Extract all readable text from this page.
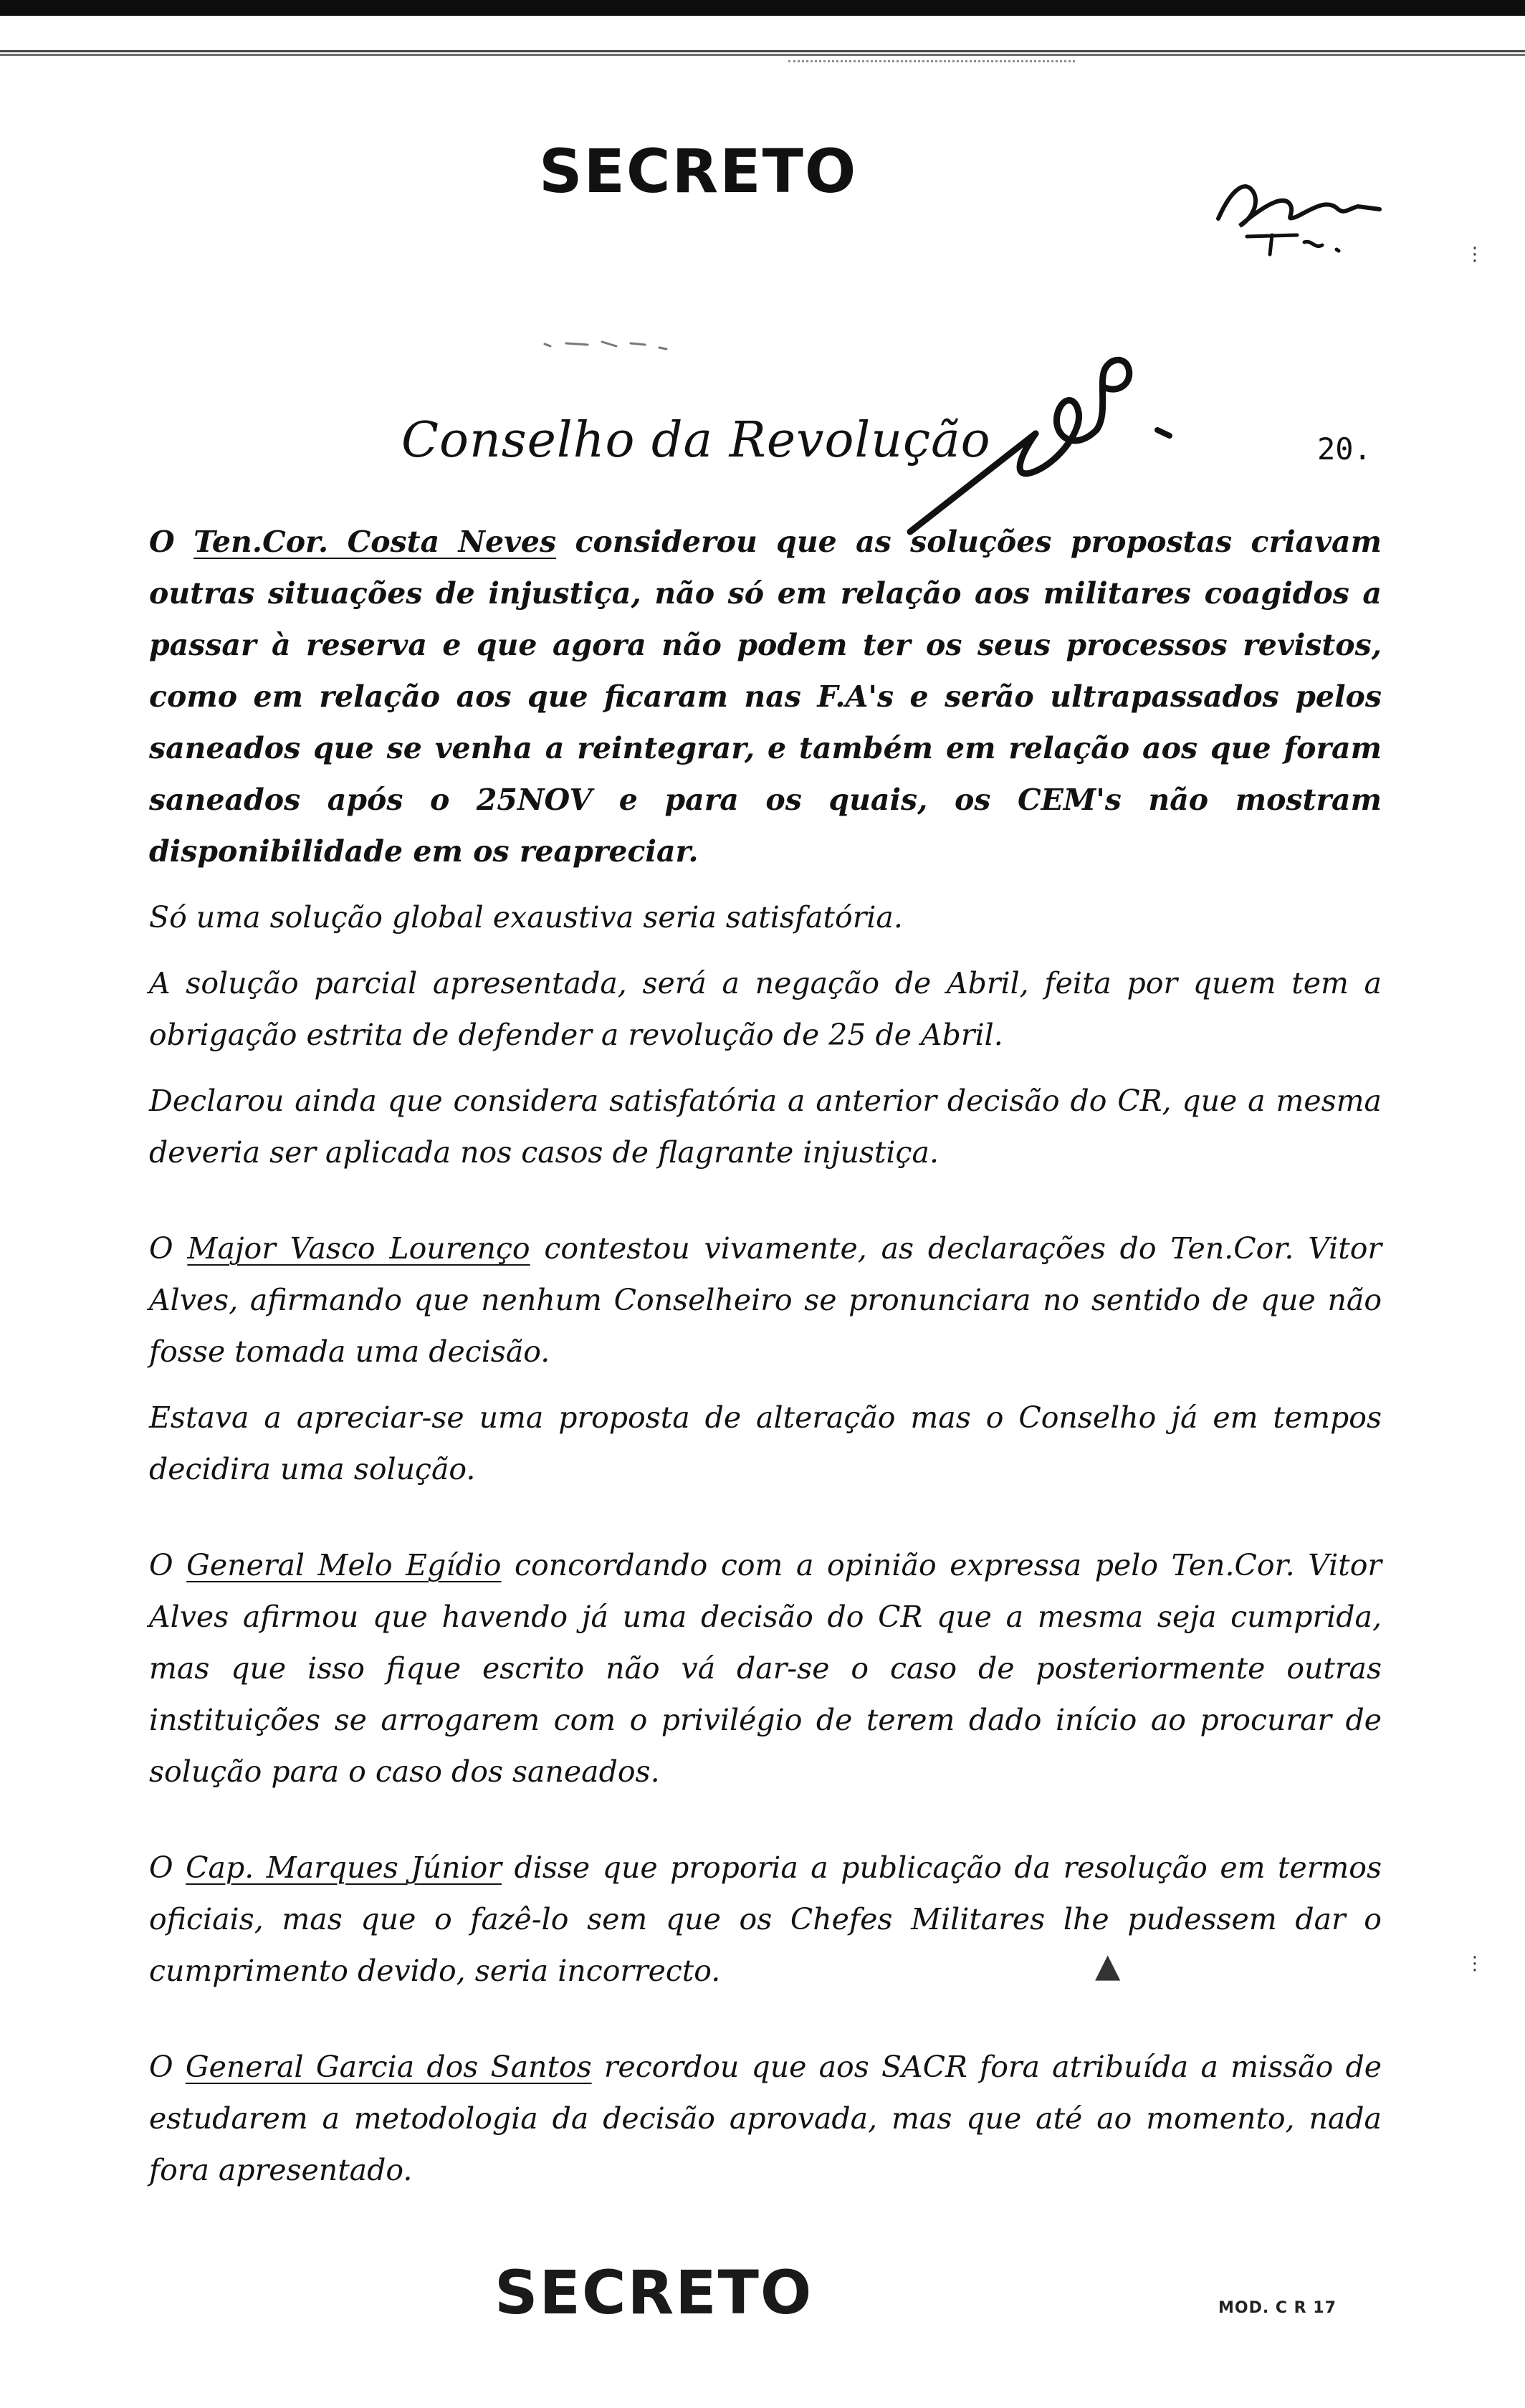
SECRETO
Conselho da Revolução	20.

O Ten.Cor. Costa Neves considerou que as soluções propostas criavam outras situações de injustiça, não só em relação aos militares coagidos a passar à reserva e que agora não podem ter os seus processos revistos, como em relação aos que ficaram nas F.A's e serão ultrapassados pelos saneados que se venha a reintegrar, e também em relação aos que foram saneados após o 25NOV e para os quais, os CEM's não mostram disponibilidade em os reapreciar.

Só uma solução global exaustiva seria satisfatória.

A solução parcial apresentada, será a negação de Abril, feita por quem tem a obrigação estrita de defender a revolução de 25 de Abril.

Declarou ainda que considera satisfatória a anterior decisão do CR, que a mesma deveria ser aplicada nos casos de flagrante injustiça.

O Major Vasco Lourenço contestou vivamente, as declarações do Ten.Cor. Vitor Alves, afirmando que nenhum Conselheiro se pronunciara no sentido de que não fosse tomada uma decisão.

Estava a apreciar-se uma proposta de alteração mas o Conselho já em tempos decidira uma solução.

O General Melo Egídio concordando com a opinião expressa pelo Ten.Cor. Vitor Alves afirmou que havendo já uma decisão do CR que a mesma seja cumprida, mas que isso fique escrito não vá dar-se o caso de posteriormente outras instituições se arrogarem com o privilégio de terem dado início ao procurar de solução para o caso dos saneados.

O Cap. Marques Júnior disse que proporia a publicação da resolução em termos oficiais, mas que o fazê-lo sem que os Chefes Militares lhe pudessem dar o cumprimento devido, seria incorrecto.

O General Garcia dos Santos recordou que aos SACR fora atribuída a missão de estudarem a metodologia da decisão aprovada, mas que até ao momento, nada fora apresentado.

▲
⋮
⋮
SECRETO	MOD. C R 17
